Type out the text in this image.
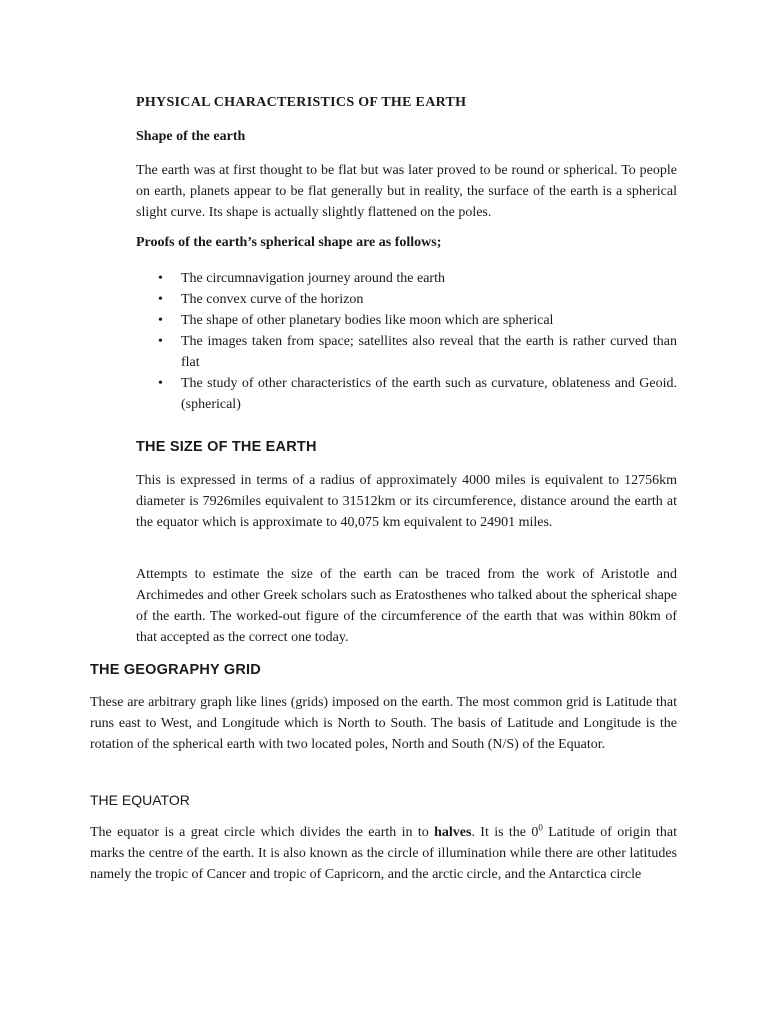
PHYSICAL CHARACTERISTICS OF THE EARTH
Shape of the earth
The earth was at first thought to be flat but was later proved to be round or spherical. To people on earth, planets appear to be flat generally but in reality, the surface of the earth is a spherical slight curve. Its shape is actually slightly flattened on the poles.
Proofs of the earth’s spherical shape are as follows;
• The circumnavigation journey around the earth
• The convex curve of the horizon
• The shape of other planetary bodies like moon which are spherical
• The images taken from space; satellites also reveal that the earth is rather curved than flat
• The study of other characteristics of the earth such as curvature, oblateness and Geoid. (spherical)
THE SIZE OF THE EARTH
This is expressed in terms of a radius of approximately 4000 miles is equivalent to 12756km diameter is 7926miles equivalent to 31512km or its circumference, distance around the earth at the equator which is approximate to 40,075 km equivalent to 24901 miles.
Attempts to estimate the size of the earth can be traced from the work of Aristotle and Archimedes and other Greek scholars such as Eratosthenes who talked about the spherical shape of the earth. The worked-out figure of the circumference of the earth that was within 80km of that accepted as the correct one today.
THE GEOGRAPHY GRID
These are arbitrary graph like lines (grids) imposed on the earth. The most common grid is Latitude that runs east to West, and Longitude which is North to South. The basis of Latitude and Longitude is the rotation of the spherical earth with two located poles, North and South (N/S) of the Equator.
THE EQUATOR
The equator is a great circle which divides the earth in to halves. It is the $0^0$ Latitude of origin that marks the centre of the earth. It is also known as the circle of illumination while there are other latitudes namely the tropic of Cancer and tropic of Capricorn, and the arctic circle, and the Antarctica circle
